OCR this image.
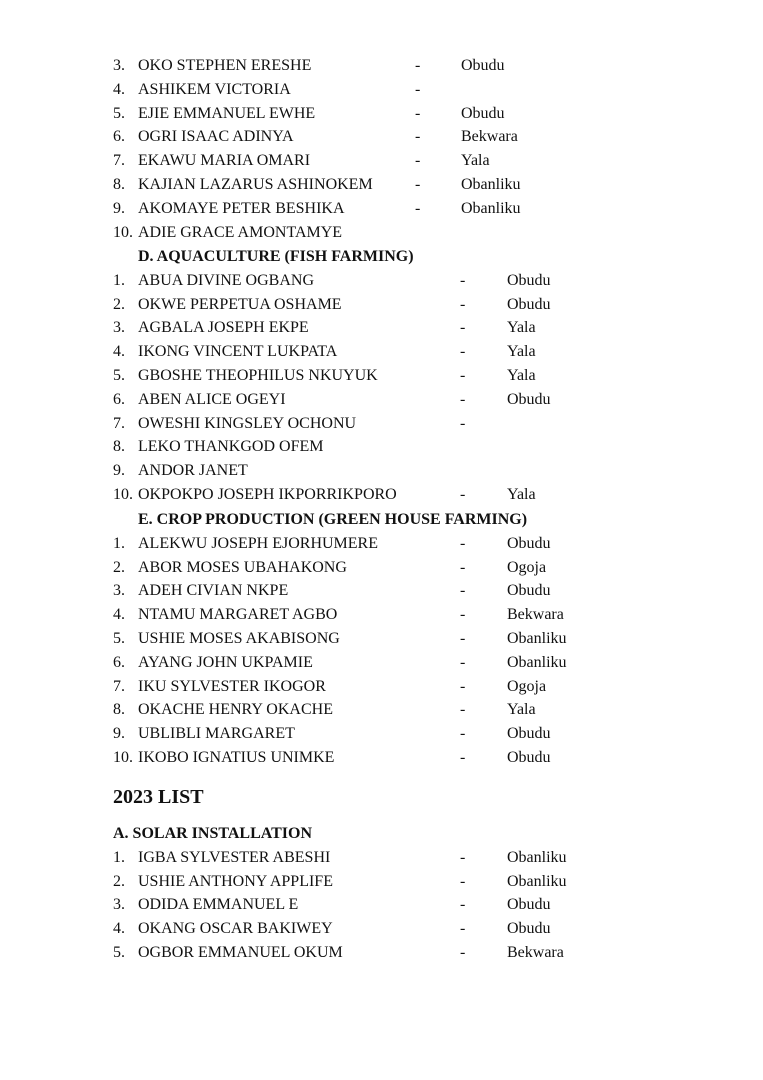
3. OKO STEPHEN ERESHE	-	Obudu
4. ASHIKEM VICTORIA	-
5. EJIE EMMANUEL EWHE	-	Obudu
6. OGRI ISAAC ADINYA	-	Bekwara
7. EKAWU MARIA OMARI	-	Yala
8. KAJIAN LAZARUS ASHINOKEM	-	Obanliku
9. AKOMAYE PETER BESHIKA	-	Obanliku
10. ADIE GRACE AMONTAMYE
D. AQUACULTURE (FISH FARMING)
1. ABUA DIVINE OGBANG	-	Obudu
2. OKWE PERPETUA OSHAME	-	Obudu
3. AGBALA JOSEPH EKPE	-	Yala
4. IKONG VINCENT LUKPATA	-	Yala
5. GBOSHE THEOPHILUS NKUYUK	-	Yala
6. ABEN ALICE OGEYI	-	Obudu
7. OWESHI KINGSLEY OCHONU	-
8. LEKO THANKGOD OFEM
9. ANDOR JANET
10. OKPOKPO JOSEPH IKPORRIKPORO	-	Yala
E. CROP PRODUCTION (GREEN HOUSE FARMING)
1. ALEKWU JOSEPH EJORHUMERE	-	Obudu
2. ABOR MOSES UBAHAKONG	-	Ogoja
3. ADEH CIVIAN NKPE	-	Obudu
4. NTAMU MARGARET AGBO	-	Bekwara
5. USHIE MOSES AKABISONG	-	Obanliku
6. AYANG JOHN UKPAMIE	-	Obanliku
7. IKU SYLVESTER IKOGOR	-	Ogoja
8. OKACHE HENRY OKACHE	-	Yala
9. UBLIBLI MARGARET	-	Obudu
10. IKOBO IGNATIUS UNIMKE	-	Obudu
2023 LIST
A. SOLAR INSTALLATION
1. IGBA SYLVESTER ABESHI	-	Obanliku
2. USHIE ANTHONY APPLIFE	-	Obanliku
3. ODIDA EMMANUEL E	-	Obudu
4. OKANG OSCAR BAKIWEY	-	Obudu
5. OGBOR EMMANUEL OKUM	-	Bekwara
